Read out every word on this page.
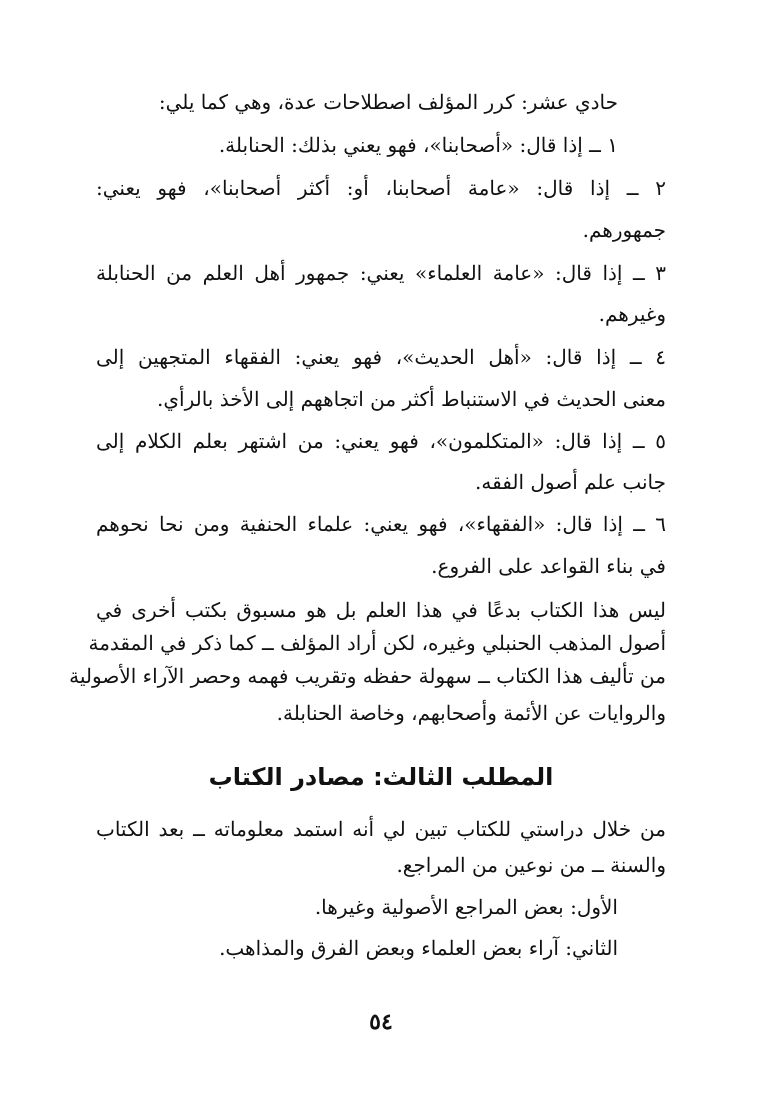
حادي عشر: كرر المؤلف اصطلاحات عدة، وهي كما يلي:
١ ــ إذا قال: «أصحابنا»، فهو يعني بذلك: الحنابلة.
٢ ــ إذا قال: «عامة أصحابنا، أو: أكثر أصحابنا»، فهو يعني:
جمهورهم.
٣ ــ إذا قال: «عامة العلماء» يعني: جمهور أهل العلم من الحنابلة
وغيرهم.
٤ ــ إذا قال: «أهل الحديث»، فهو يعني: الفقهاء المتجهين إلى
معنى الحديث في الاستنباط أكثر من اتجاههم إلى الأخذ بالرأي.
٥ ــ إذا قال: «المتكلمون»، فهو يعني: من اشتهر بعلم الكلام إلى
جانب علم أصول الفقه.
٦ ــ إذا قال: «الفقهاء»، فهو يعني: علماء الحنفية ومن نحا نحوهم
في بناء القواعد على الفروع.
ليس هذا الكتاب بدعًا في هذا العلم بل هو مسبوق بكتب أخرى في
أصول المذهب الحنبلي وغيره، لكن أراد المؤلف ــ كما ذكر في المقدمة
من تأليف هذا الكتاب ــ سهولة حفظه وتقريب فهمه وحصر الآراء الأصولية
والروايات عن الأئمة وأصحابهم، وخاصة الحنابلة.
المطلب الثالث: مصادر الكتاب
من خلال دراستي للكتاب تبين لي أنه استمد معلوماته ــ بعد الكتاب
والسنة ــ من نوعين من المراجع.
الأول: بعض المراجع الأصولية وغيرها.
الثاني: آراء بعض العلماء وبعض الفرق والمذاهب.
٥٤
